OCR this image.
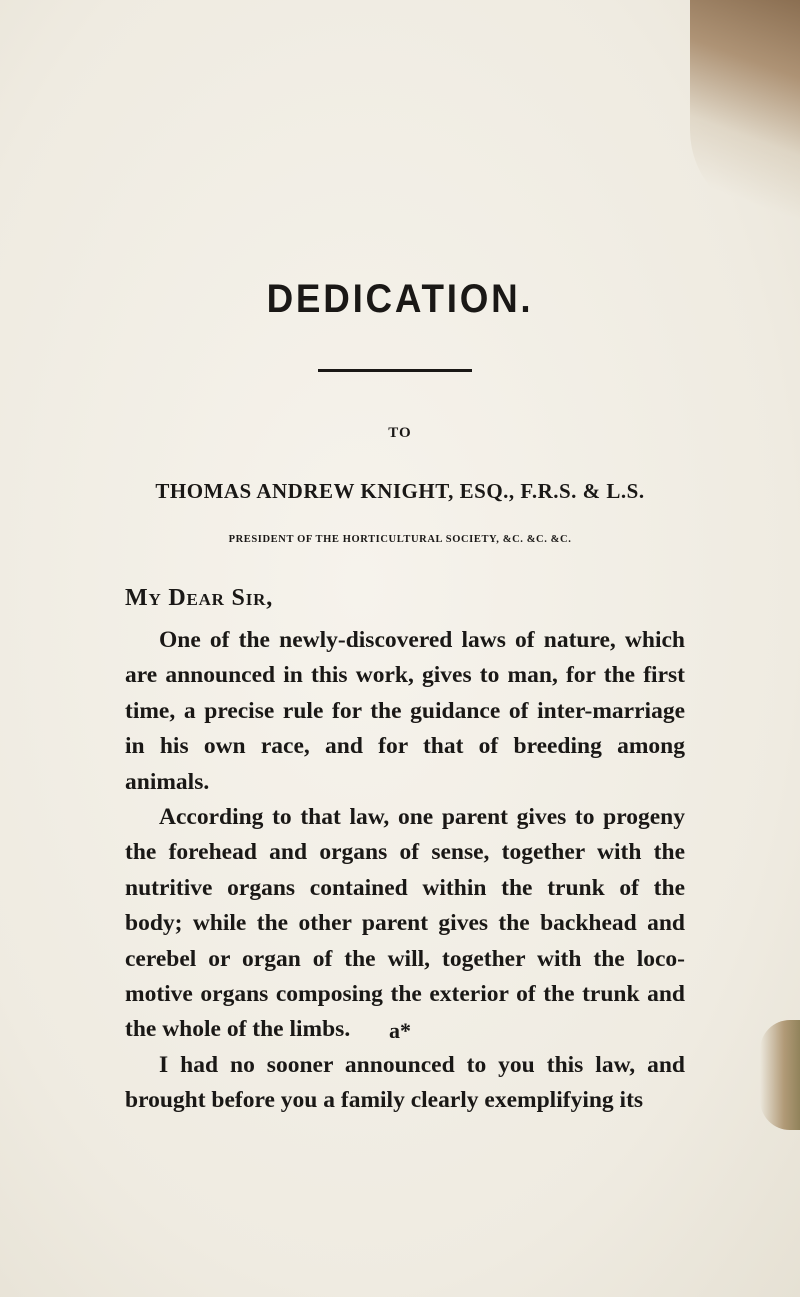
DEDICATION.
TO
THOMAS ANDREW KNIGHT, ESQ., F.R.S. & L.S.
PRESIDENT OF THE HORTICULTURAL SOCIETY, &C. &C. &C.
My Dear Sir,

One of the newly-discovered laws of nature, which are announced in this work, gives to man, for the first time, a precise rule for the guidance of inter-marriage in his own race, and for that of breeding among animals.

According to that law, one parent gives to progeny the forehead and organs of sense, together with the nutritive organs contained within the trunk of the body; while the other parent gives the backhead and cerebel or organ of the will, together with the loco-motive organs composing the exterior of the trunk and the whole of the limbs.

I had no sooner announced to you this law, and brought before you a family clearly exemplifying its

a*
